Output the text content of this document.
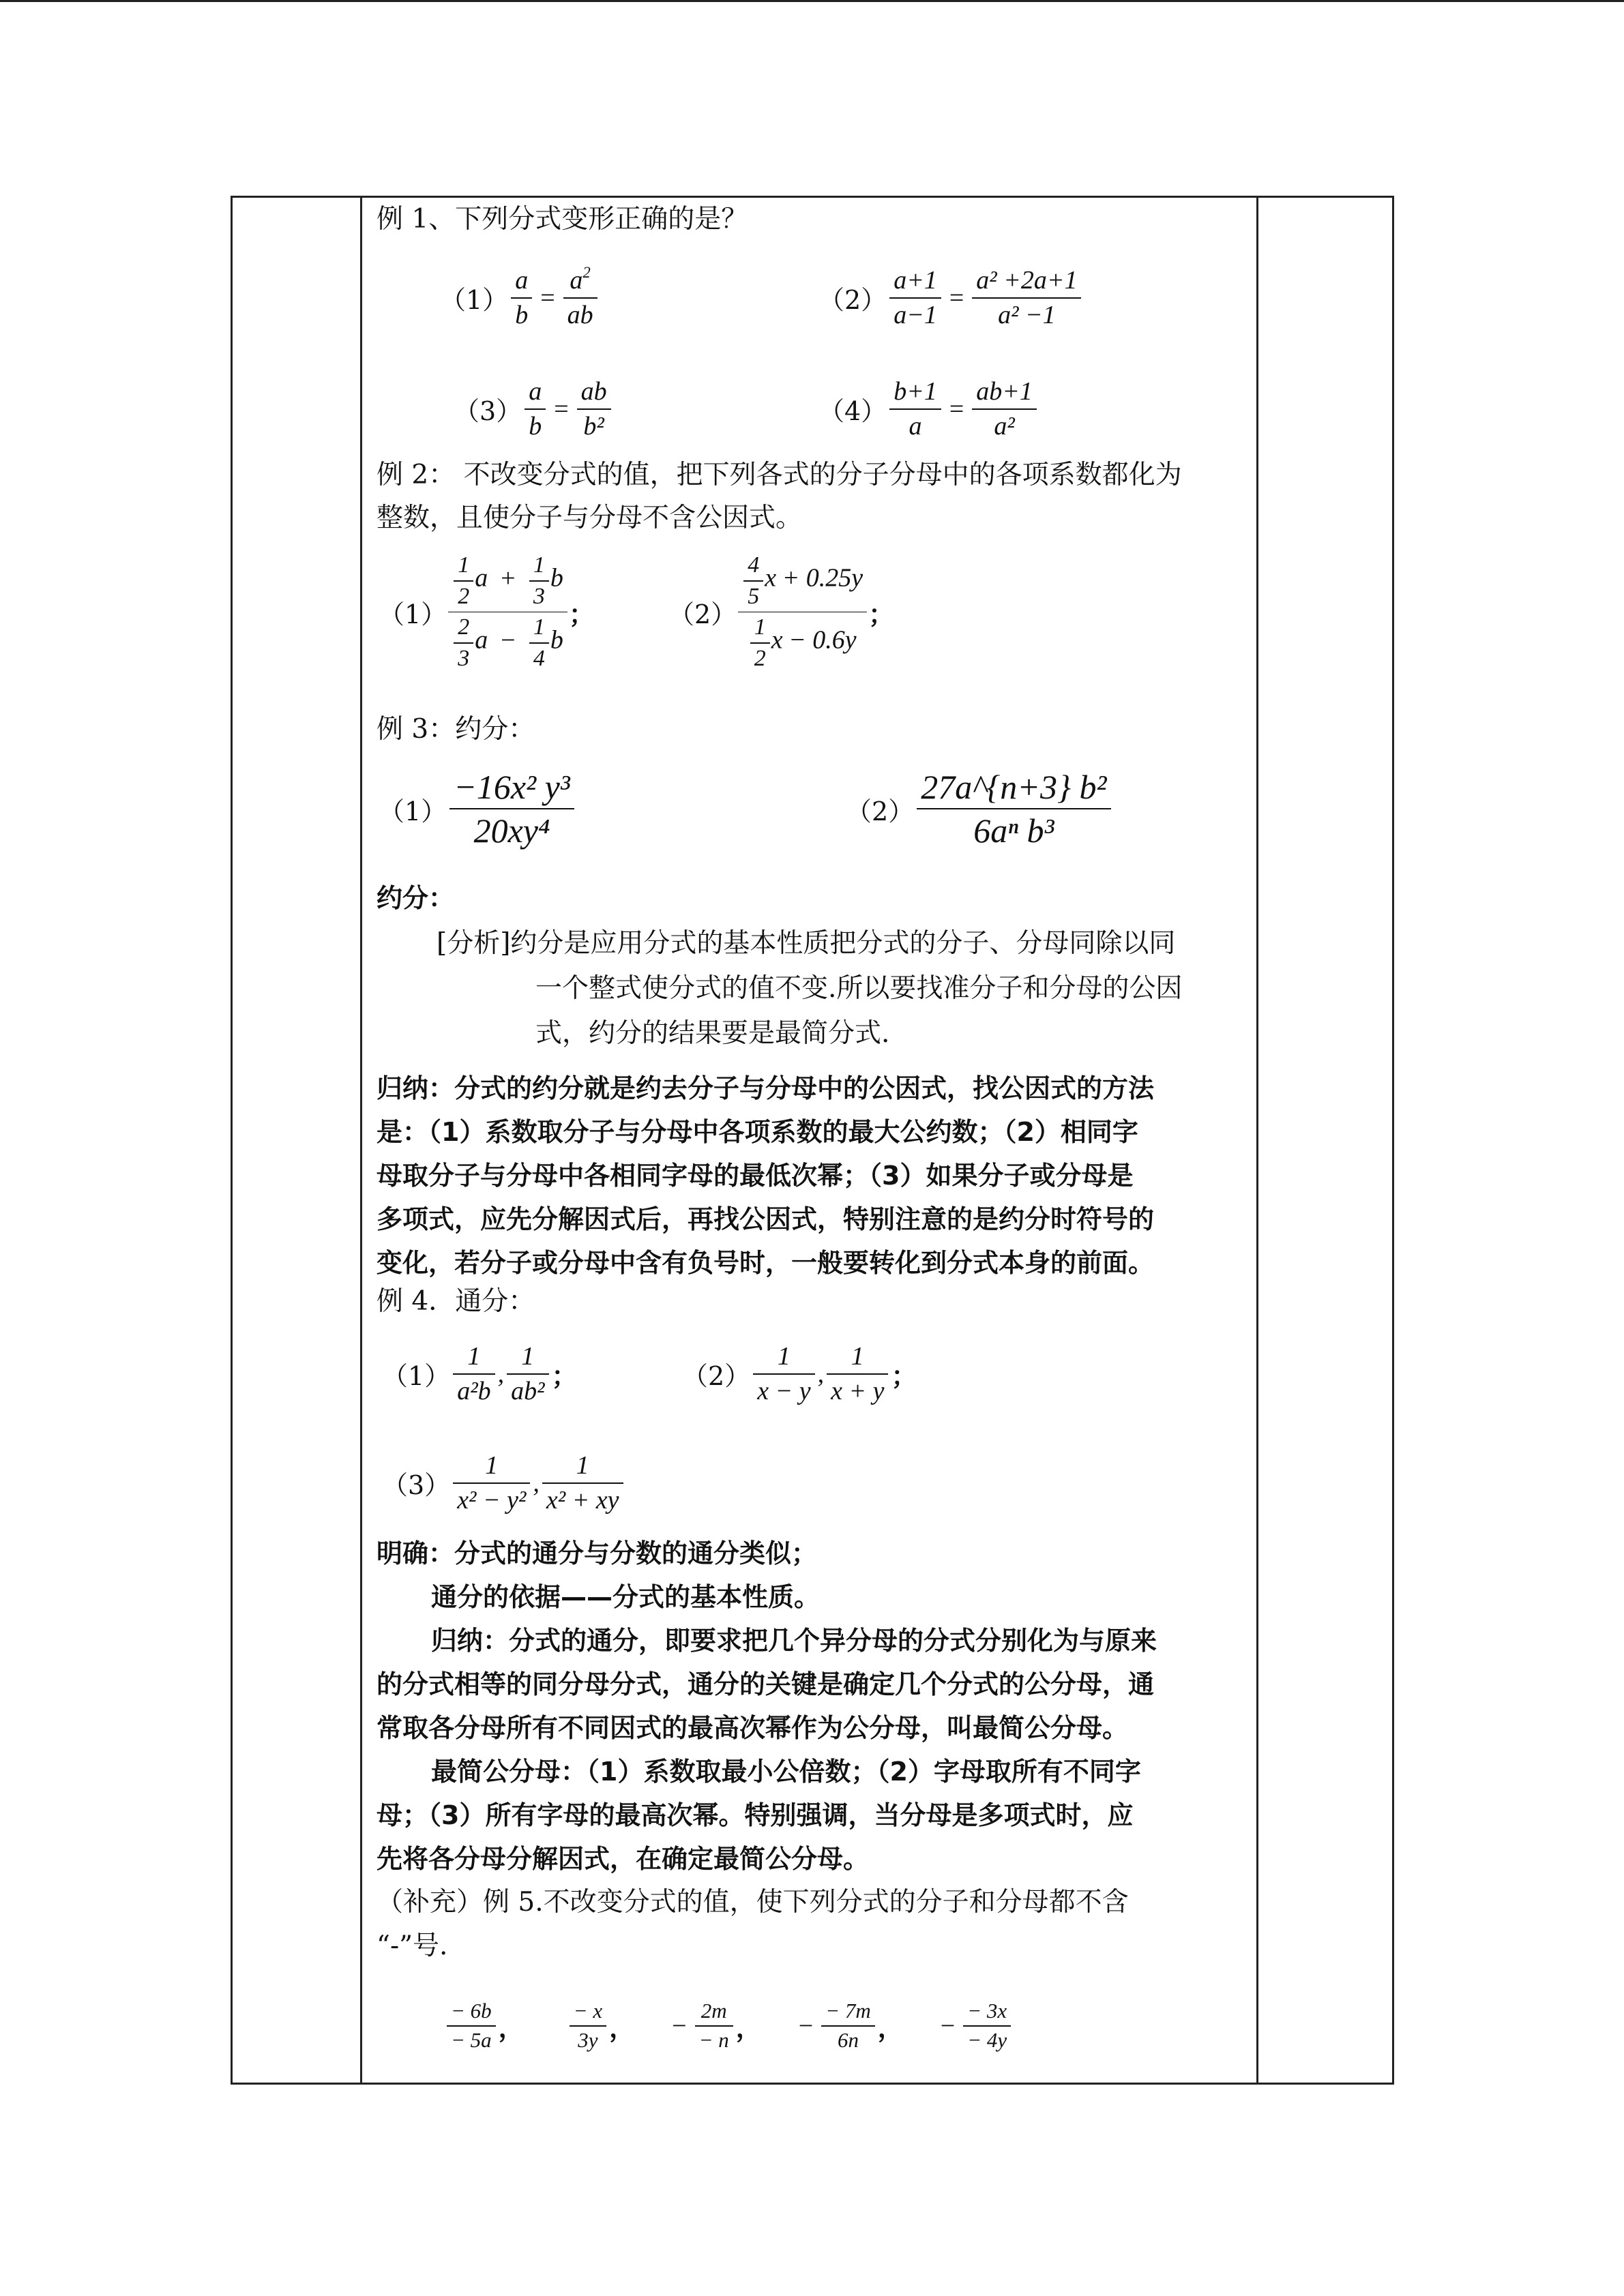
例 1、下列分式变形正确的是？
（1）
a
b
=
$a^2$
ab	（2）
a+1
a−1
=
a² +2a+1
a² −1
（3）
a
b
=
ab
b²	（4）
b+1
a
=
ab+1
a²
例 2： 不改变分式的值，把下列各式的分子分母中的各项系数都化为
整数，且使分子与分母不含公因式。
（1）
$\frac{1}{2}$ $a + \frac{1}{3}$ b
$\frac{2}{3}$ $a - \frac{1}{4}$ b
；	（2）
$\frac{4}{5}$ x + 0.25y
$\frac{1}{2}$ x − 0.6y
；
例 3：约分：
（1）
−16x² y³
20xy⁴
（2）
27a^{n+3} b²
6aⁿ b³
约分：
[分析]约分是应用分式的基本性质把分式的分子、分母同除以同
一个整式使分式的值不变.所以要找准分子和分母的公因
式，约分的结果要是最简分式.
归纳：分式的约分就是约去分子与分母中的公因式，找公因式的方法
是：（1）系数取分子与分母中各项系数的最大公约数；（2）相同字
母取分子与分母中各相同字母的最低次幂；（3）如果分子或分母是
多项式，应先分解因式后，再找公因式，特别注意的是约分时符号的
变化，若分子或分母中含有负号时，一般要转化到分式本身的前面。
例 4．通分：
（1）
1
a²b
,
1
ab² ；	（2）
1
x − y
,
1
x + y ；
（3）
1
x² − y²
,
1
x² + xy
明确：分式的通分与分数的通分类似；
通分的依据——分式的基本性质。
归纳：分式的通分，即要求把几个异分母的分式分别化为与原来
的分式相等的同分母分式，通分的关键是确定几个分式的公分母，通
常取各分母所有不同因式的最高次幂作为公分母，叫最简公分母。
最简公分母：（1）系数取最小公倍数；（2）字母取所有不同字
母；（3）所有字母的最高次幂。特别强调，当分母是多项式时，应
先将各分母分解因式，在确定最简公分母。
（补充）例 5.不改变分式的值，使下列分式的分子和分母都不含
“-”号.
− 6b
− 5a ，
− x
3y ， −
2m
− n ， −
− 7m
6n ， −
− 3x
− 4y
